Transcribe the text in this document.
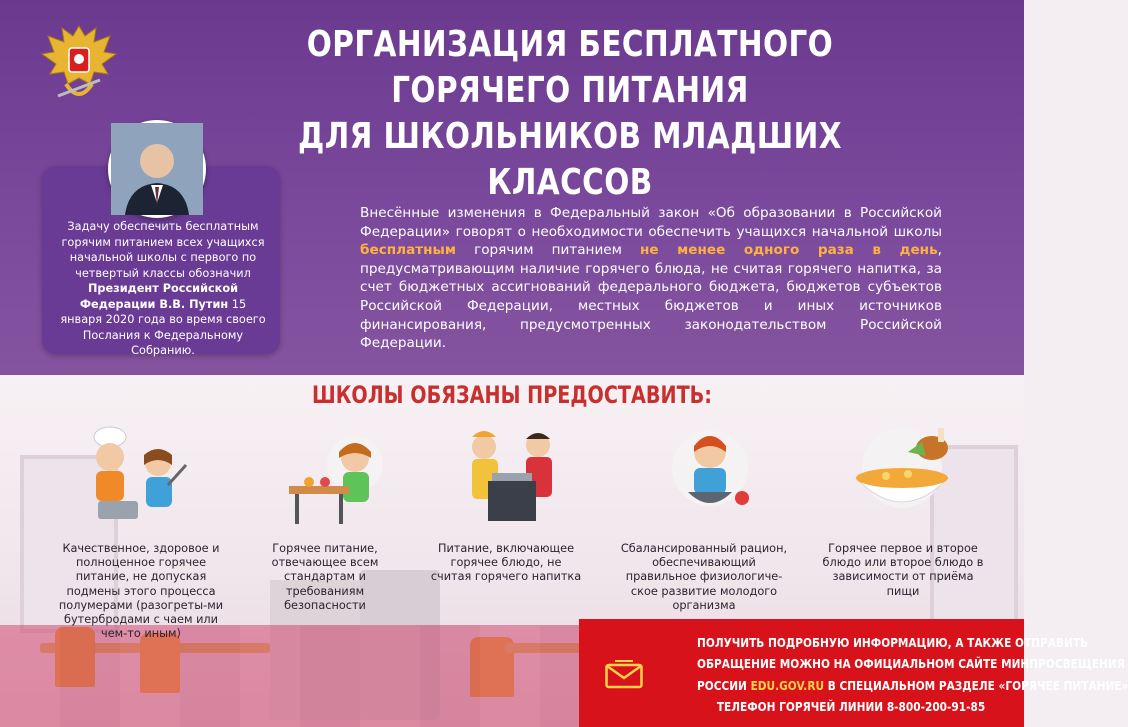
ОРГАНИЗАЦИЯ БЕСПЛАТНОГО ГОРЯЧЕГО ПИТАНИЯ
ДЛЯ ШКОЛЬНИКОВ МЛАДШИХ КЛАССОВ
Задачу обеспечить бесплатным горячим питанием всех учащихся начальной школы с первого по четвертый классы обозначил Президент Российской Федерации В.В. Путин 15 января 2020 года во время своего Послания к Федеральному Собранию.
Внесённые изменения в Федеральный закон «Об образовании в Российской Федерации» говорят о необходимости обеспечить учащихся начальной школы бесплатным горячим питанием не менее одного раза в день, предусматривающим наличие горячего блюда, не считая горячего напитка, за счет бюджетных ассигнований федерального бюджета, бюджетов субъектов Российской Федерации, местных бюджетов и иных источников финансирования, предусмотренных законодательством Российской Федерации.
ШКОЛЫ ОБЯЗАНЫ ПРЕДОСТАВИТЬ:
Качественное, здоровое и полноценное горячее питание, не допуская подмены этого процесса полумерами (разогреты-ми бутербродами с чаем или чем-то иным)
Горячее питание, отвечающее всем стандартам и требованиям безопасности
Питание, включающее горячее блюдо, не считая горячего напитка
Сбалансированный рацион, обеспечивающий правильное физиологиче-ское развитие молодого организма
Горячее первое и второе блюдо или второе блюдо в зависимости от приёма пищи
ПОЛУЧИТЬ ПОДРОБНУЮ ИНФОРМАЦИЮ, А ТАКЖЕ ОТПРАВИТЬ
ОБРАЩЕНИЕ МОЖНО НА ОФИЦИАЛЬНОМ САЙТЕ МИНПРОСВЕЩЕНИЯ
РОССИИ EDU.GOV.RU В СПЕЦИАЛЬНОМ РАЗДЕЛЕ «ГОРЯЧЕЕ ПИТАНИЕ»
ТЕЛЕФОН ГОРЯЧЕЙ ЛИНИИ 8-800-200-91-85
